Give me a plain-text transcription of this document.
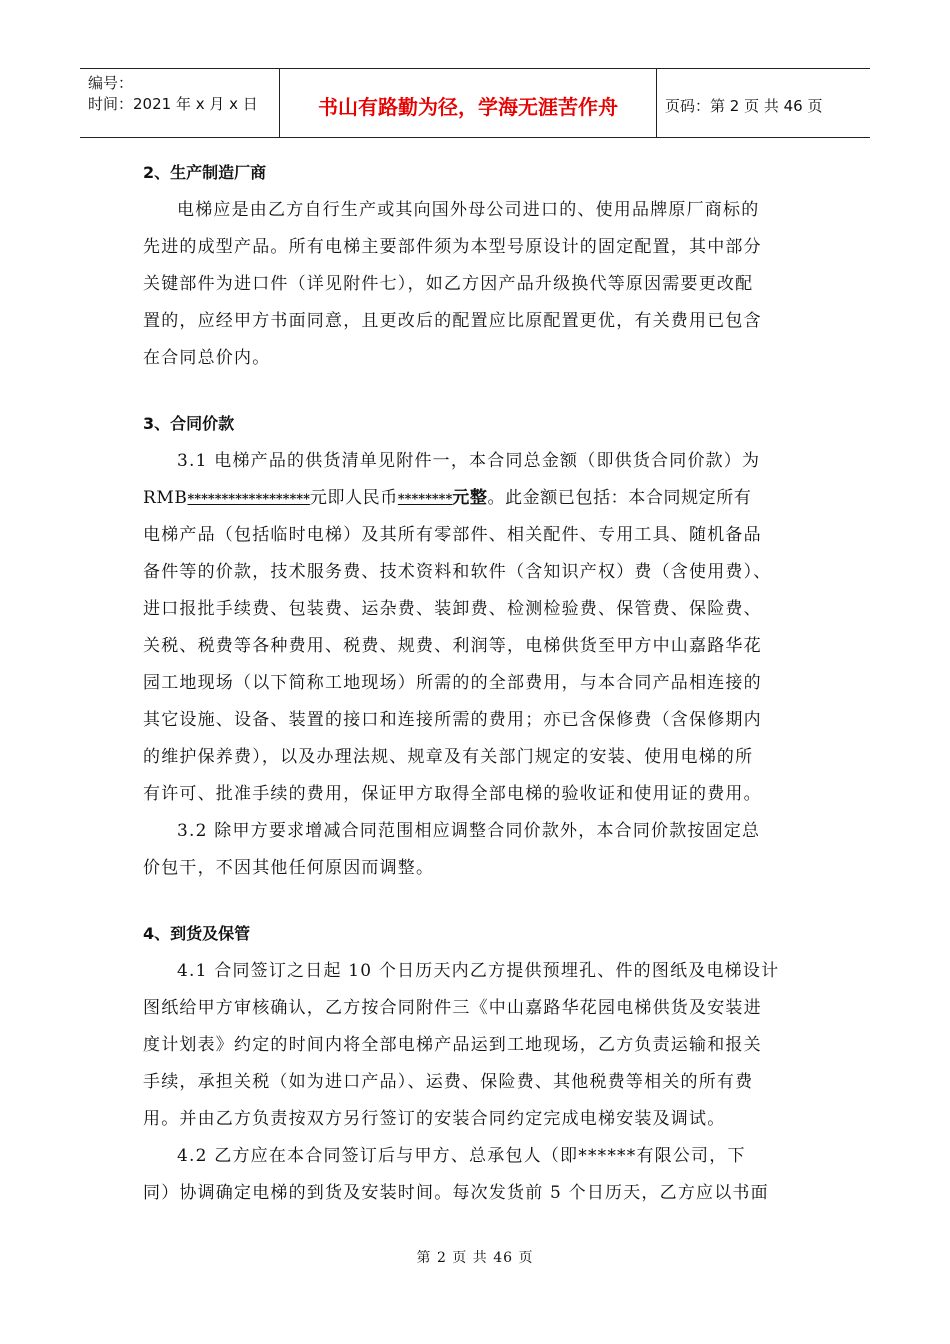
编号：
时间：2021 年 x 月 x 日	书山有路勤为径，学海无涯苦作舟	页码：第 2 页 共 46 页
2、生产制造厂商
电梯应是由乙方自行生产或其向国外母公司进口的、使用品牌原厂商标的
先进的成型产品。所有电梯主要部件须为本型号原设计的固定配置，其中部分
关键部件为进口件（详见附件七），如乙方因产品升级换代等原因需要更改配
置的，应经甲方书面同意，且更改后的配置应比原配置更优，有关费用已包含
在合同总价内。
3、合同价款
3.1 电梯产品的供货清单见附件一，本合同总金额（即供货合同价款）为
RMB******************元即人民币********元整。此金额已包括：本合同规定所有
电梯产品（包括临时电梯）及其所有零部件、相关配件、专用工具、随机备品
备件等的价款，技术服务费、技术资料和软件（含知识产权）费（含使用费）、
进口报批手续费、包装费、运杂费、装卸费、检测检验费、保管费、保险费、
关税、税费等各种费用、税费、规费、利润等，电梯供货至甲方中山嘉路华花
园工地现场（以下简称工地现场）所需的的全部费用，与本合同产品相连接的
其它设施、设备、装置的接口和连接所需的费用；亦已含保修费（含保修期内
的维护保养费），以及办理法规、规章及有关部门规定的安装、使用电梯的所
有许可、批准手续的费用，保证甲方取得全部电梯的验收证和使用证的费用。
3.2 除甲方要求增减合同范围相应调整合同价款外，本合同价款按固定总
价包干，不因其他任何原因而调整。
4、到货及保管
4.1 合同签订之日起 10 个日历天内乙方提供预埋孔、件的图纸及电梯设计
图纸给甲方审核确认，乙方按合同附件三《中山嘉路华花园电梯供货及安装进
度计划表》约定的时间内将全部电梯产品运到工地现场，乙方负责运输和报关
手续，承担关税（如为进口产品）、运费、保险费、其他税费等相关的所有费
用。并由乙方负责按双方另行签订的安装合同约定完成电梯安装及调试。
4.2 乙方应在本合同签订后与甲方、总承包人（即******有限公司，下
同）协调确定电梯的到货及安装时间。每次发货前 5 个日历天，乙方应以书面
第 2 页 共 46 页
